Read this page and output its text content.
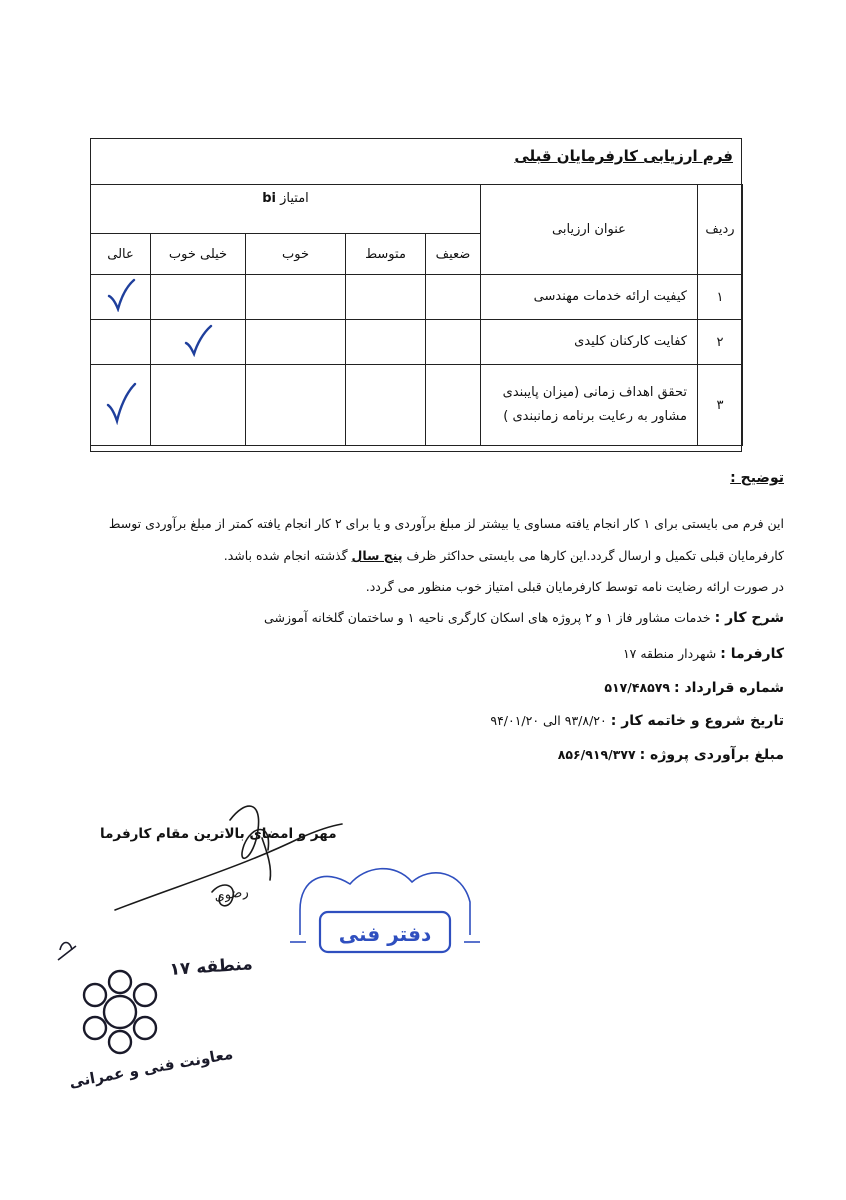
فرم ارزیابی کارفرمایان قبلی
ردیف	عنوان ارزیابی	امتیاز bi				
		ضعیف	متوسط	خوب	خیلی خوب	عالی
۱	کیفیت ارائه خدمات مهندسی					
۲	کفایت کارکنان کلیدی					
۳	تحقق اهداف زمانی (میزان پایبندی
مشاور به رعایت برنامه زمانبندی )

توضیح :
این فرم می بایستی برای ۱ کار انجام یافته مساوی یا بیشتر لز مبلغ برآوردی و یا برای ۲ کار انجام یافته کمتر از مبلغ برآوردی توسط
کارفرمایان قبلی تکمیل و ارسال گردد.این کارها می بایستی حداکثر ظرف پنج سال گذشته انجام شده باشد.
در صورت ارائه رضایت نامه توسط کارفرمایان قبلی امتیاز خوب منظور می گردد.
شرح کار : خدمات مشاور فاز ۱ و ۲ پروژه های اسکان کارگری ناحیه ۱ و ساختمان گلخانه آموزشی
کارفرما : شهردار منطقه ۱۷
شماره قرارداد : ۵۱۷/۴۸۵۷۹
تاریخ شروع و خاتمه کار : ۹۳/۸/۲۰ الی ۹۴/۰۱/۲۰
مبلغ برآوردی پروژه : ۸۵۶/۹۱۹/۳۷۷
مهر و امضای بالاترین مقام کارفرما
رضوی
دفتر فنی
منطقه ۱۷
معاونت فنی و عمرانی
